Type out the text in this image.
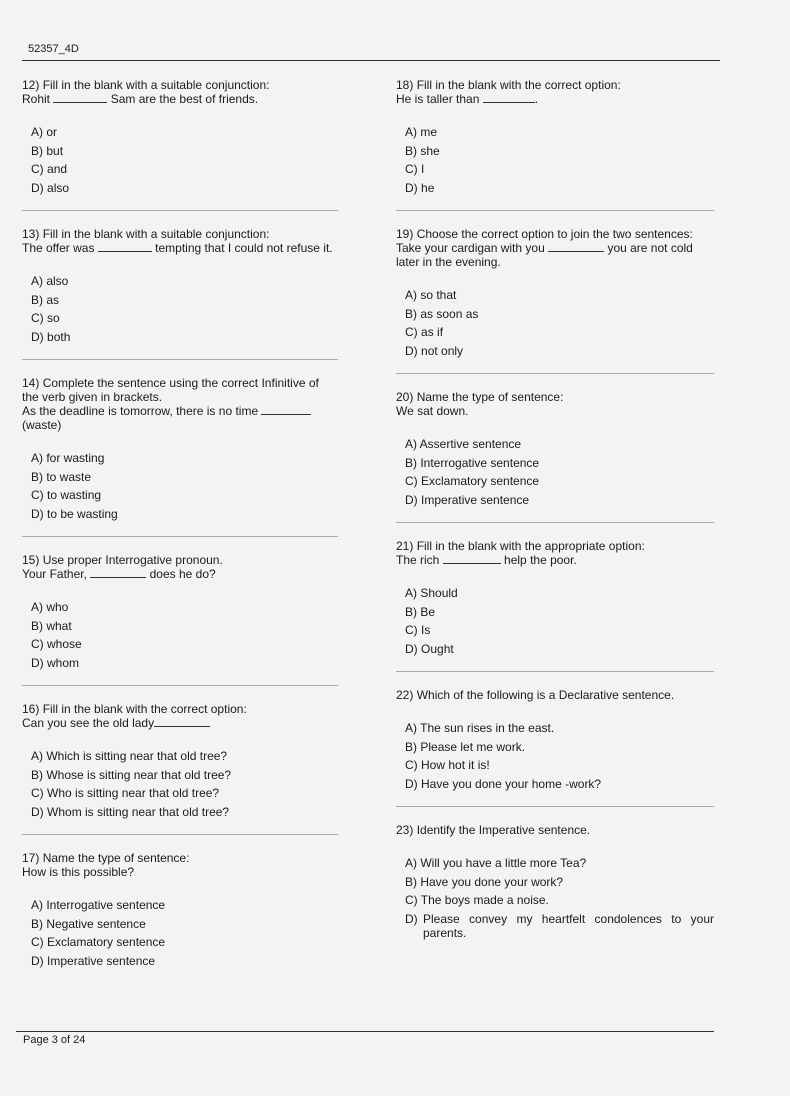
52357_4D
12) Fill in the blank with a suitable conjunction:
Rohit	Sam are the best of friends.
A) or
B) but
C) and
D) also
13) Fill in the blank with a suitable conjunction:
The offer was	tempting that I could not refuse it.
A) also
B) as
C) so
D) both
14) Complete the sentence using the correct Infinitive of the verb given in brackets.
As the deadline is tomorrow, there is no time  (waste)
A) for wasting
B) to waste
C) to wasting
D) to be wasting
15) Use proper Interrogative pronoun.
Your Father,	does he do?
A) who
B) what
C) whose
D) whom
16) Fill in the blank with the correct option:
Can you see the old lady
A) Which is sitting near that old tree?
B) Whose is sitting near that old tree?
C) Who is sitting near that old tree?
D) Whom is sitting near that old tree?
17) Name the type of sentence:
How is this possible?
A) Interrogative sentence
B) Negative sentence
C) Exclamatory sentence
D) Imperative sentence
18) Fill in the blank with the correct option:
He is taller than	.
A) me
B) she
C) I
D) he
19) Choose the correct option to join the two sentences:
Take your cardigan with you	you are not cold later in the evening.
A) so that
B) as soon as
C) as if
D) not only
20) Name the type of sentence:
We sat down.
A) Assertive sentence
B) Interrogative sentence
C) Exclamatory sentence
D) Imperative sentence
21) Fill in the blank with the appropriate option:
The rich	help the poor.
A) Should
B) Be
C) Is
D) Ought
22) Which of the following is a Declarative sentence.
A) The sun rises in the east.
B) Please let me work.
C) How hot it is!
D) Have you done your home -work?
23) Identify the Imperative sentence.
A) Will you have a little more Tea?
B) Have you done your work?
C) The boys made a noise.
D) Please convey my heartfelt condolences to your parents.
Page 3 of 24
